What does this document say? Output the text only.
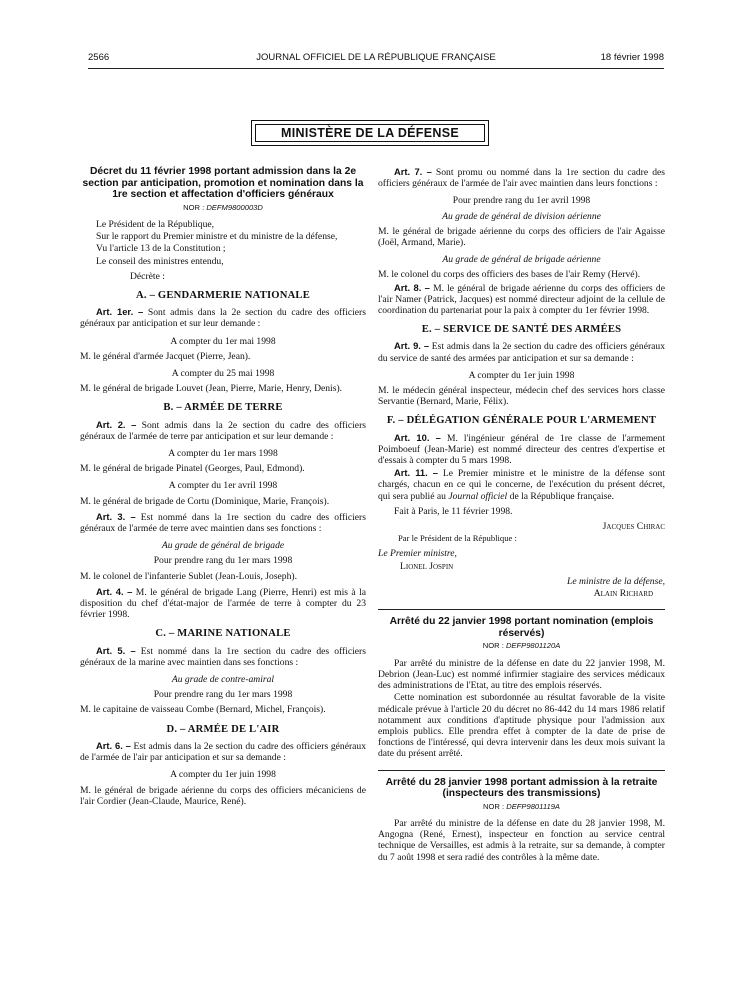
2566	JOURNAL OFFICIEL DE LA RÉPUBLIQUE FRANÇAISE	18 février 1998
MINISTÈRE DE LA DÉFENSE

Décret du 11 février 1998 portant admission dans la 2e section par anticipation, promotion et nomination dans la 1re section et affectation d'officiers généraux

NOR : DEFM9800003D

Le Président de la République,

Sur le rapport du Premier ministre et du ministre de la défense,

Vu l'article 13 de la Constitution ;

Le conseil des ministres entendu,

Décrète :

A. – GENDARMERIE NATIONALE

Art. 1er. – Sont admis dans la 2e section du cadre des officiers généraux par anticipation et sur leur demande :

A compter du 1er mai 1998

M. le général d'armée Jacquet (Pierre, Jean).

A compter du 25 mai 1998

M. le général de brigade Louvet (Jean, Pierre, Marie, Henry, Denis).

B. – ARMÉE DE TERRE

Art. 2. – Sont admis dans la 2e section du cadre des officiers généraux de l'armée de terre par anticipation et sur leur demande :

A compter du 1er mars 1998

M. le général de brigade Pinatel (Georges, Paul, Edmond).

A compter du 1er avril 1998

M. le général de brigade de Cortu (Dominique, Marie, François).

Art. 3. – Est nommé dans la 1re section du cadre des officiers généraux de l'armée de terre avec maintien dans ses fonctions :

Au grade de général de brigade

Pour prendre rang du 1er mars 1998

M. le colonel de l'infanterie Sublet (Jean-Louis, Joseph).

Art. 4. – M. le général de brigade Lang (Pierre, Henri) est mis à la disposition du chef d'état-major de l'armée de terre à compter du 23 février 1998.

C. – MARINE NATIONALE

Art. 5. – Est nommé dans la 1re section du cadre des officiers généraux de la marine avec maintien dans ses fonctions :

Au grade de contre-amiral

Pour prendre rang du 1er mars 1998

M. le capitaine de vaisseau Combe (Bernard, Michel, François).

D. – ARMÉE DE L'AIR

Art. 6. – Est admis dans la 2e section du cadre des officiers généraux de l'armée de l'air par anticipation et sur sa demande :

A compter du 1er juin 1998

M. le général de brigade aérienne du corps des officiers mécaniciens de l'air Cordier (Jean-Claude, Maurice, René).

Art. 7. – Sont promu ou nommé dans la 1re section du cadre des officiers généraux de l'armée de l'air avec maintien dans leurs fonctions :

Pour prendre rang du 1er avril 1998

Au grade de général de division aérienne

M. le général de brigade aérienne du corps des officiers de l'air Agaisse (Joël, Armand, Marie).

Au grade de général de brigade aérienne

M. le colonel du corps des officiers des bases de l'air Remy (Hervé).

Art. 8. – M. le général de brigade aérienne du corps des officiers de l'air Namer (Patrick, Jacques) est nommé directeur adjoint de la cellule de coordination du partenariat pour la paix à compter du 1er février 1998.

E. – SERVICE DE SANTÉ DES ARMÉES

Art. 9. – Est admis dans la 2e section du cadre des officiers généraux du service de santé des armées par anticipation et sur sa demande :

A compter du 1er juin 1998

M. le médecin général inspecteur, médecin chef des services hors classe Servantie (Bernard, Marie, Félix).

F. – DÉLÉGATION GÉNÉRALE POUR L'ARMEMENT

Art. 10. – M. l'ingénieur général de 1re classe de l'armement Poimboeuf (Jean-Marie) est nommé directeur des centres d'expertise et d'essais à compter du 5 mars 1998.

Art. 11. – Le Premier ministre et le ministre de la défense sont chargés, chacun en ce qui le concerne, de l'exécution du présent décret, qui sera publié au Journal officiel de la République française.

Fait à Paris, le 11 février 1998.

Jacques Chirac

Par le Président de la République :

Le Premier ministre,

Lionel Jospin

Le ministre de la défense,

Alain Richard

Arrêté du 22 janvier 1998 portant nomination (emplois réservés)

NOR : DEFP9801120A

Par arrêté du ministre de la défense en date du 22 janvier 1998, M. Debrion (Jean-Luc) est nommé infirmier stagiaire des services médicaux des administrations de l'Etat, au titre des emplois réservés.

Cette nomination est subordonnée au résultat favorable de la visite médicale prévue à l'article 20 du décret no 86-442 du 14 mars 1986 relatif notamment aux conditions d'aptitude physique pour l'admission aux emplois publics. Elle prendra effet à compter de la date de prise de fonctions de l'intéressé, qui devra intervenir dans les deux mois suivant la date du présent arrêté.

Arrêté du 28 janvier 1998 portant admission à la retraite (inspecteurs des transmissions)

NOR : DEFP9801119A

Par arrêté du ministre de la défense en date du 28 janvier 1998, M. Angogna (René, Ernest), inspecteur en fonction au service central technique de Versailles, est admis à la retraite, sur sa demande, à compter du 7 août 1998 et sera radié des contrôles à la même date.
